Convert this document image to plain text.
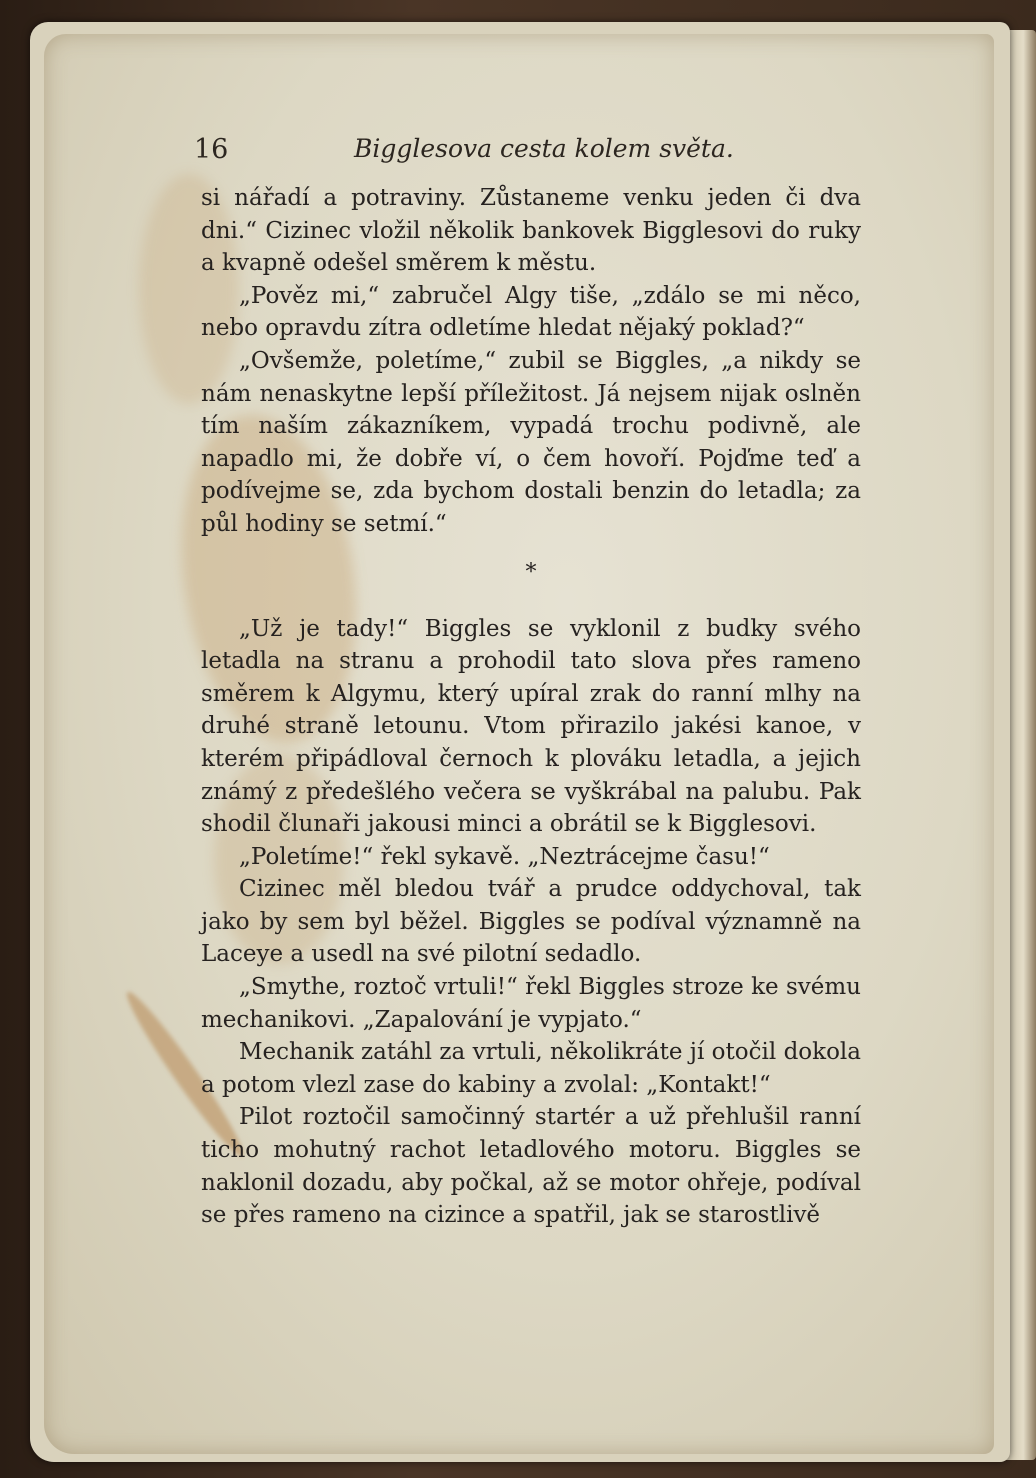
16	Bigglesova cesta kolem světa.

si nářadí a potraviny. Zůstaneme venku jeden či dva dni.“ Cizinec vložil několik bankovek Bigglesovi do ruky a kvapně odešel směrem k městu.

„Pověz mi,“ zabručel Algy tiše, „zdálo se mi něco, nebo opravdu zítra odletíme hledat nějaký poklad?“

„Ovšemže, poletíme,“ zubil se Biggles, „a nikdy se nám nenaskytne lepší příležitost. Já nejsem nijak oslněn tím naším zákazníkem, vypadá trochu podivně, ale napadlo mi, že dobře ví, o čem hovoří. Pojďme teď a podívejme se, zda bychom dostali benzin do letadla; za půl hodiny se setmí.“

*

„Už je tady!“ Biggles se vyklonil z budky svého letadla na stranu a prohodil tato slova přes rameno směrem k Algymu, který upíral zrak do ranní mlhy na druhé straně letounu. Vtom přirazilo jakési kanoe, v kterém připádloval černoch k plováku letadla, a jejich známý z předešlého večera se vyškrábal na palubu. Pak shodil člunaři jakousi minci a obrátil se k Bigglesovi.

„Poletíme!“ řekl sykavě. „Neztrácejme času!“

Cizinec měl bledou tvář a prudce oddychoval, tak jako by sem byl běžel. Biggles se podíval významně na Laceye a usedl na své pilotní sedadlo.

„Smythe, roztoč vrtuli!“ řekl Biggles stroze ke svému mechanikovi. „Zapalování je vypjato.“

Mechanik zatáhl za vrtuli, několikráte jí otočil dokola a potom vlezl zase do kabiny a zvolal: „Kontakt!“

Pilot roztočil samočinný startér a už přehlušil ranní ticho mohutný rachot letadlového motoru. Biggles se naklonil dozadu, aby počkal, až se motor ohřeje, podíval se přes rameno na cizince a spatřil, jak se starostlivě
